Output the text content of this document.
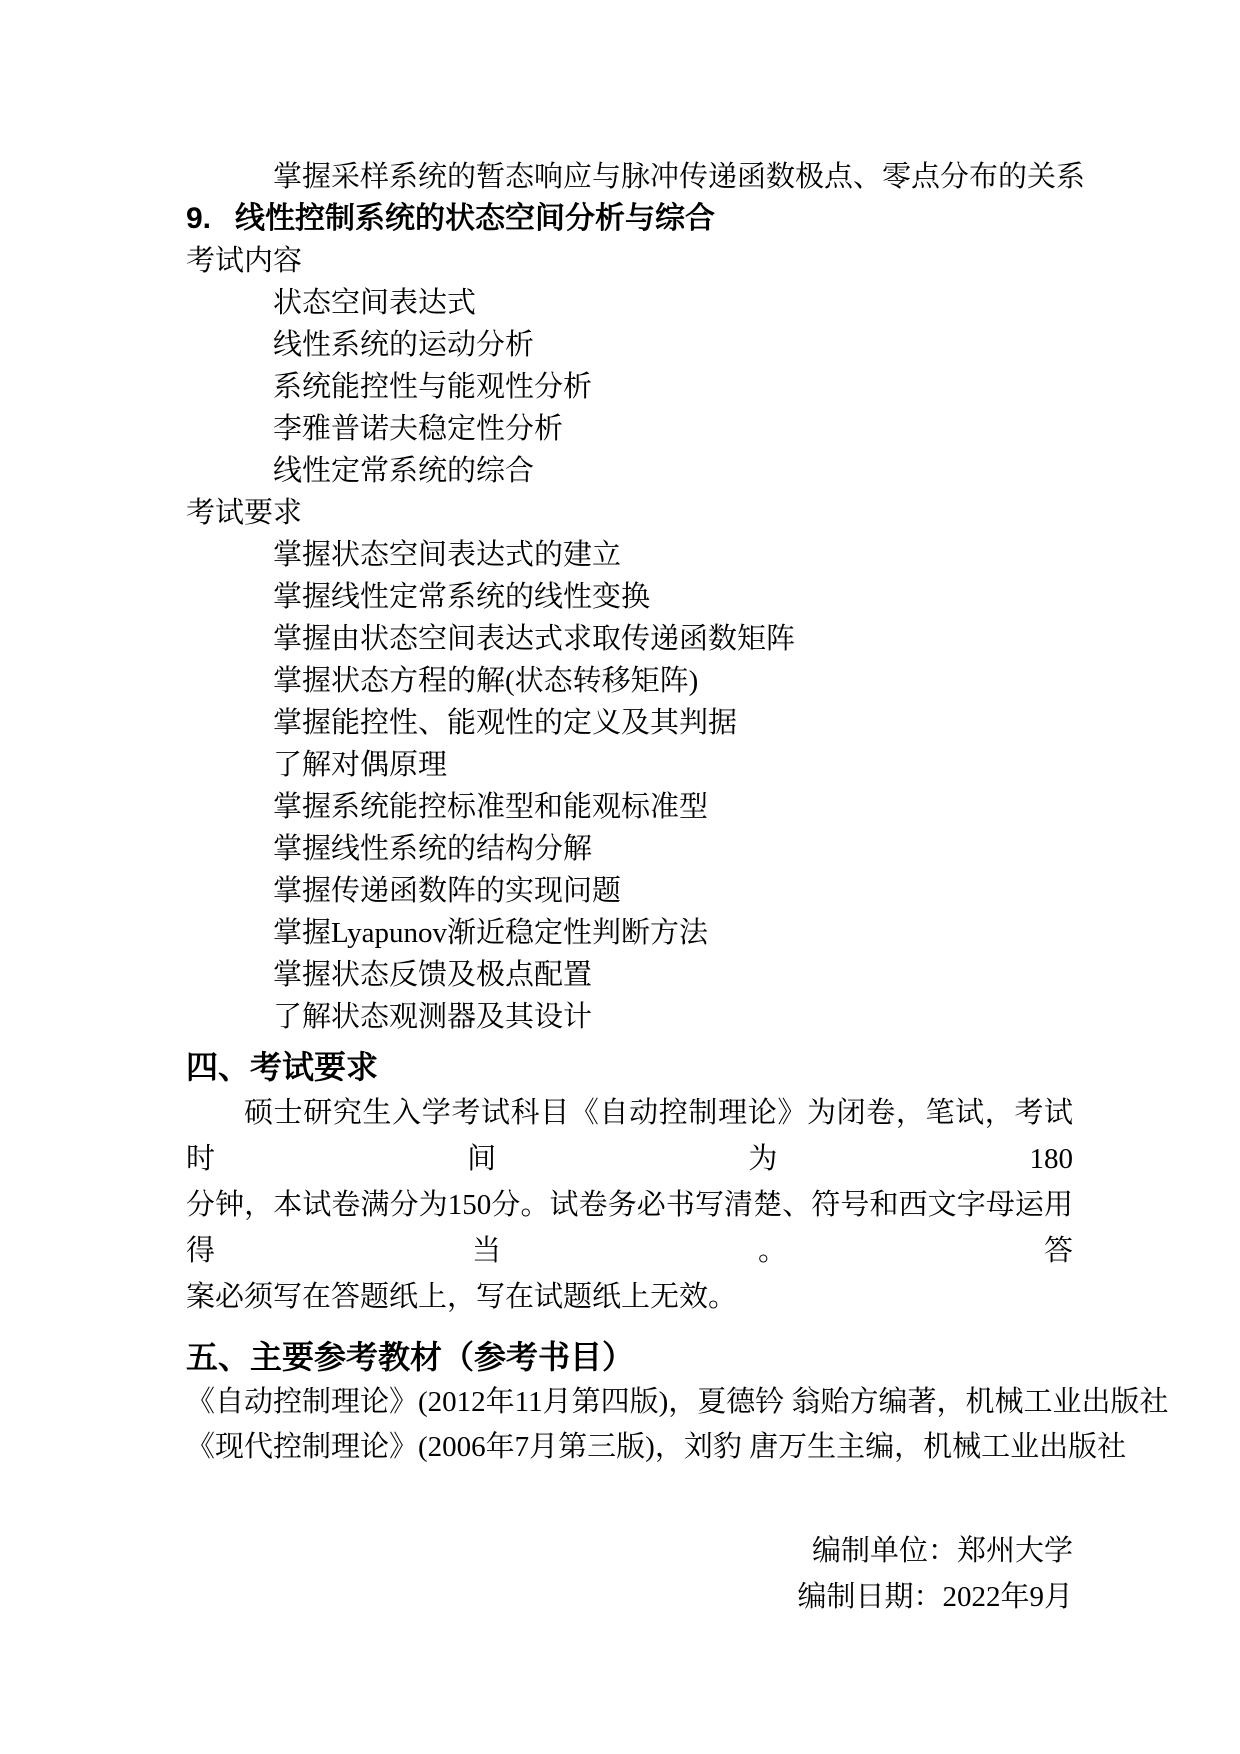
掌握采样系统的暂态响应与脉冲传递函数极点、零点分布的关系
9. 线性控制系统的状态空间分析与综合
考试内容
状态空间表达式
线性系统的运动分析
系统能控性与能观性分析
李雅普诺夫稳定性分析
线性定常系统的综合
考试要求
掌握状态空间表达式的建立
掌握线性定常系统的线性变换
掌握由状态空间表达式求取传递函数矩阵
掌握状态方程的解(状态转移矩阵)
掌握能控性、能观性的定义及其判据
了解对偶原理
掌握系统能控标准型和能观标准型
掌握线性系统的结构分解
掌握传递函数阵的实现问题
掌握Lyapunov渐近稳定性判断方法
掌握状态反馈及极点配置
了解状态观测器及其设计
四、考试要求
硕士研究生入学考试科目《自动控制理论》为闭卷，笔试，考试时间为180
分钟，本试卷满分为150分。试卷务必书写清楚、符号和西文字母运用得当。答
案必须写在答题纸上，写在试题纸上无效。
五、主要参考教材（参考书目）
《自动控制理论》(2012年11月第四版)，夏德钤 翁贻方编著，机械工业出版社
《现代控制理论》(2006年7月第三版)，刘豹 唐万生主编，机械工业出版社
编制单位：郑州大学
编制日期：2022年9月
